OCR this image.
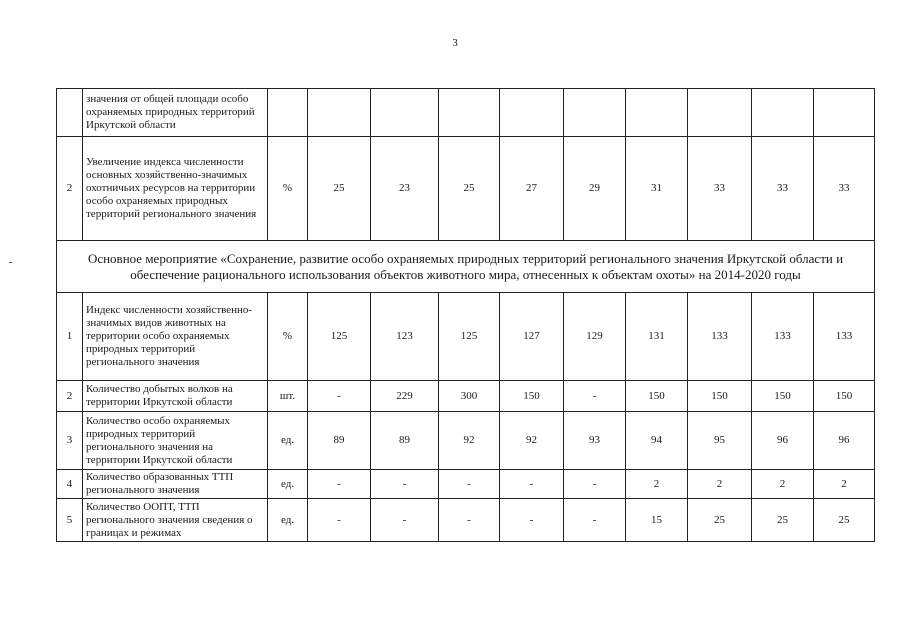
3
	значения от общей площади особо охраняемых природных территорий Иркутской области										
2	Увеличение индекса численности основных хозяйственно-значимых охотничьих ресурсов на территории особо охраняемых природных территорий регионального значения	%	25	23	25	27	29	31	33	33	33
Основное мероприятие «Сохранение, развитие особо охраняемых природных территорий регионального значения Иркутской области и обеспечение рационального использования объектов животного мира, отнесенных к объектам охоты» на 2014-2020 годы											
1	Индекс численности хозяйственно-значимых видов животных на территории особо охраняемых природных территорий регионального значения	%	125	123	125	127	129	131	133	133	133
2	Количество добытых волков на территории Иркутской области	шт.	-	229	300	150	-	150	150	150	150
3	Количество особо охраняемых природных территорий регионального значения на территории Иркутской области	ед.	89	89	92	92	93	94	95	96	96
4	Количество образованных ТТП регионального значения	ед.	-	-	-	-	-	2	2	2	2
5	Количество ООПТ, ТТП регионального значения сведения о границах и режимах	ед.	-	-	-	-	-	15	25	25	25
